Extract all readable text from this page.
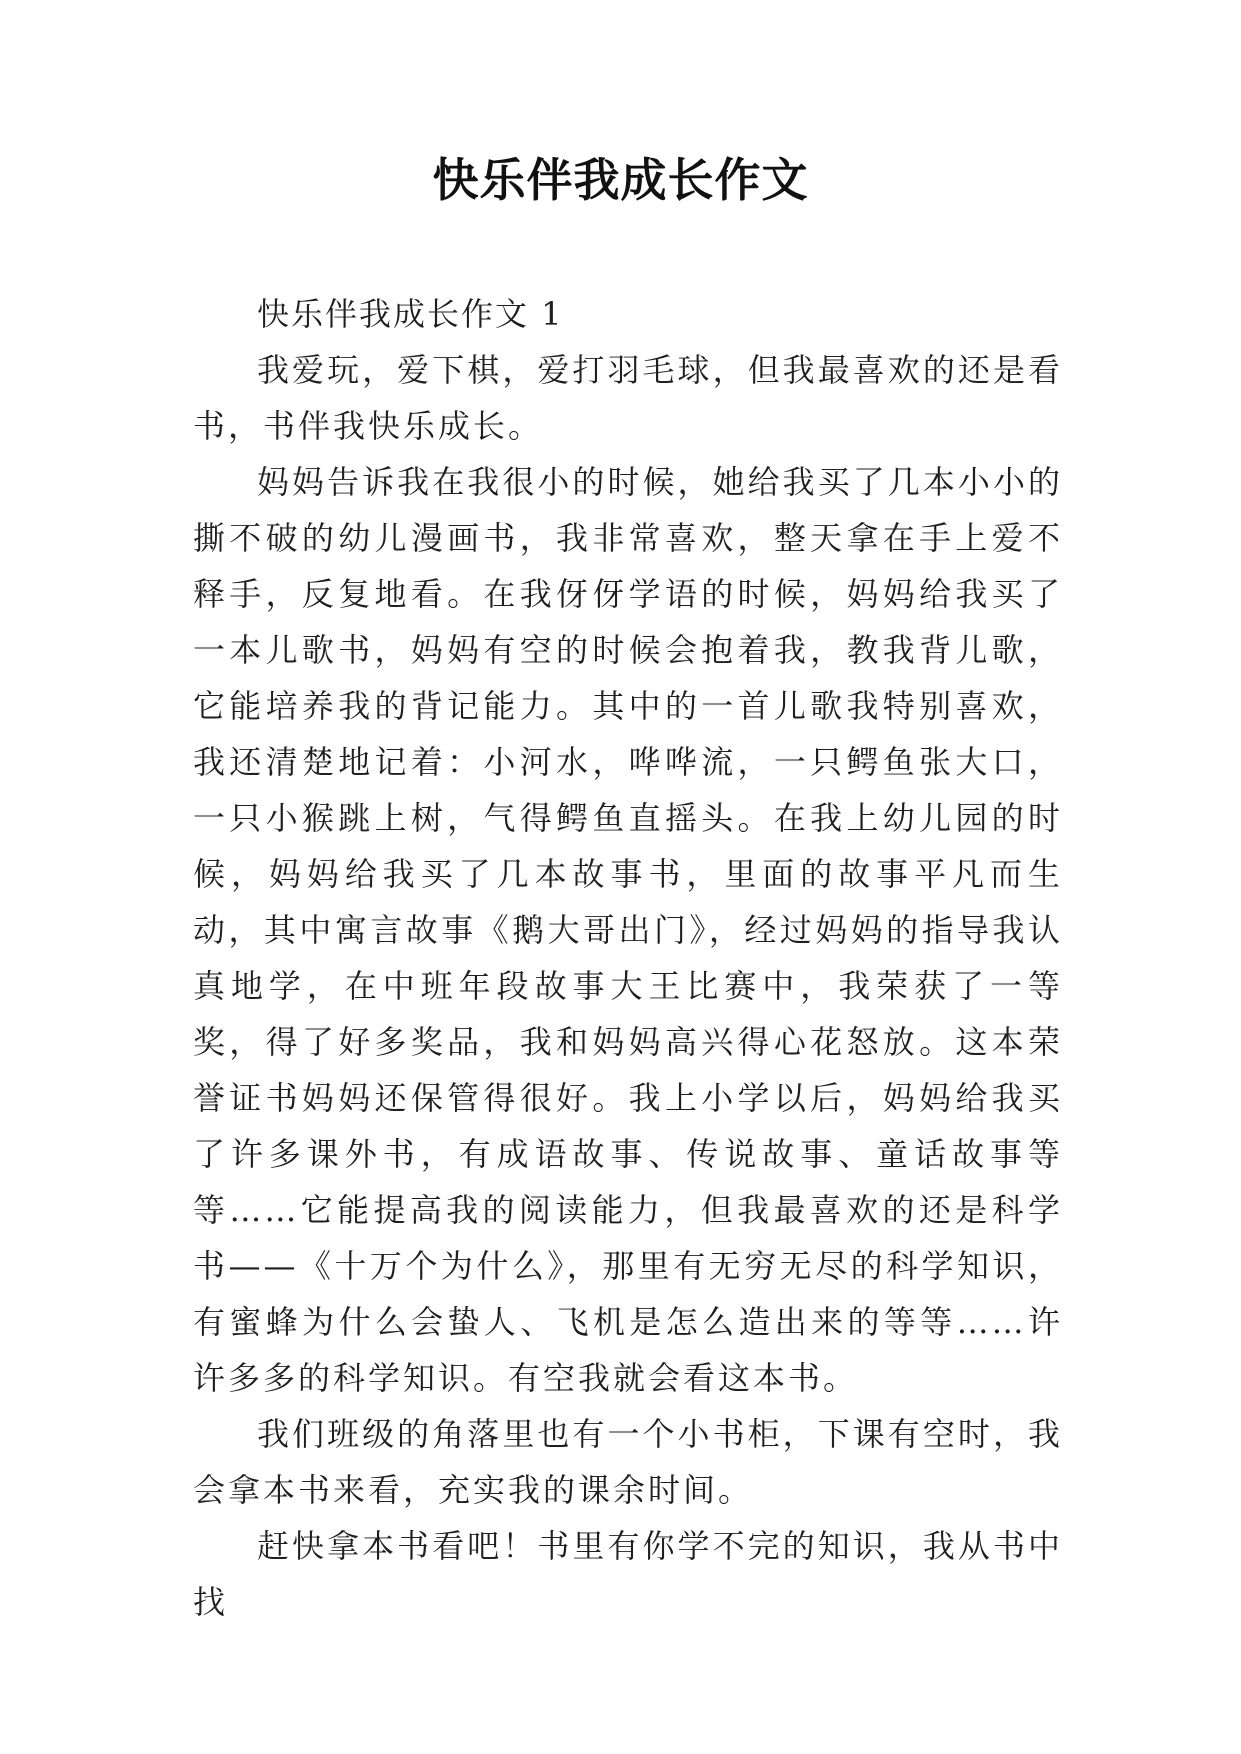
快乐伴我成长作文

快乐伴我成长作文 1

我爱玩，爱下棋，爱打羽毛球，但我最喜欢的还是看书，书伴我快乐成长。

妈妈告诉我在我很小的时候，她给我买了几本小小的撕不破的幼儿漫画书，我非常喜欢，整天拿在手上爱不释手，反复地看。在我伢伢学语的时候，妈妈给我买了一本儿歌书，妈妈有空的时候会抱着我，教我背儿歌，它能培养我的背记能力。其中的一首儿歌我特别喜欢，我还清楚地记着：小河水，哗哗流，一只鳄鱼张大口，一只小猴跳上树，气得鳄鱼直摇头。在我上幼儿园的时候，妈妈给我买了几本故事书，里面的故事平凡而生动，其中寓言故事《鹅大哥出门》，经过妈妈的指导我认真地学，在中班年段故事大王比赛中，我荣获了一等奖，得了好多奖品，我和妈妈高兴得心花怒放。这本荣誉证书妈妈还保管得很好。我上小学以后，妈妈给我买了许多课外书，有成语故事、传说故事、童话故事等等……它能提高我的阅读能力，但我最喜欢的还是科学书——《十万个为什么》，那里有无穷无尽的科学知识，有蜜蜂为什么会蛰人、飞机是怎么造出来的等等……许许多多的科学知识。有空我就会看这本书。

我们班级的角落里也有一个小书柜，下课有空时，我会拿本书来看，充实我的课余时间。

赶快拿本书看吧！书里有你学不完的知识，我从书中找
